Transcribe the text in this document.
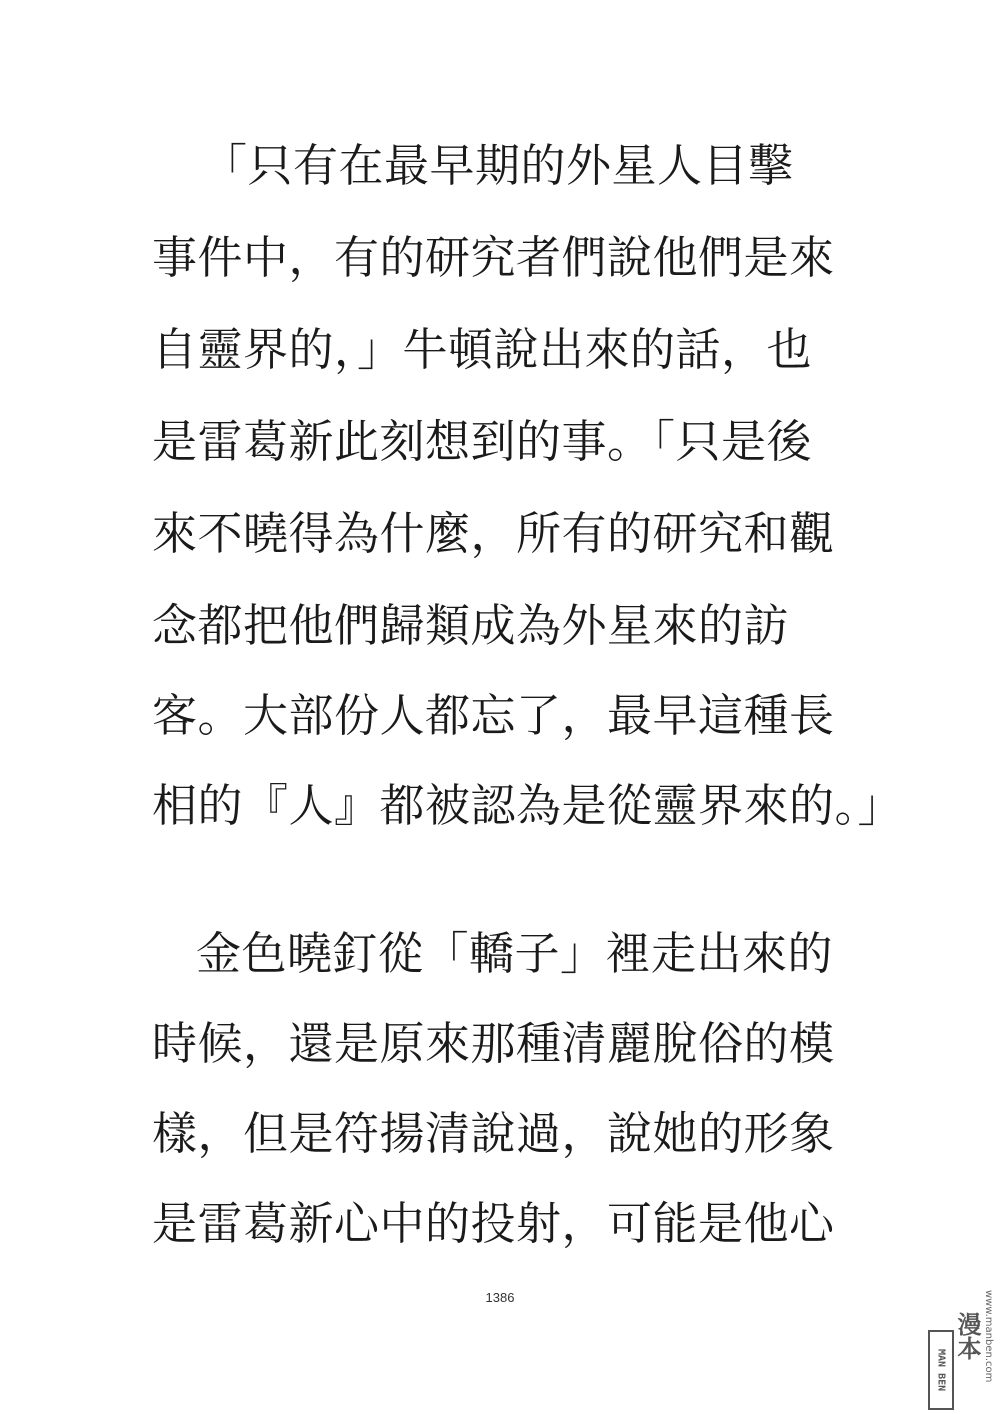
「只有在最早期的外星人目擊
事件中，有的研究者們說他們是來
自靈界的，」牛頓說出來的話，也
是雷葛新此刻想到的事。「只是後
來不曉得為什麼，所有的研究和觀
念都把他們歸類成為外星來的訪
客。大部份人都忘了，最早這種長
相的『人』都被認為是從靈界來的。」
金色曉釘從「轎子」裡走出來的
時候，還是原來那種清麗脫俗的模
樣，但是符揚清說過，說她的形象
是雷葛新心中的投射，可能是他心
1386
MAN BEN
漫本 www.manben.com
